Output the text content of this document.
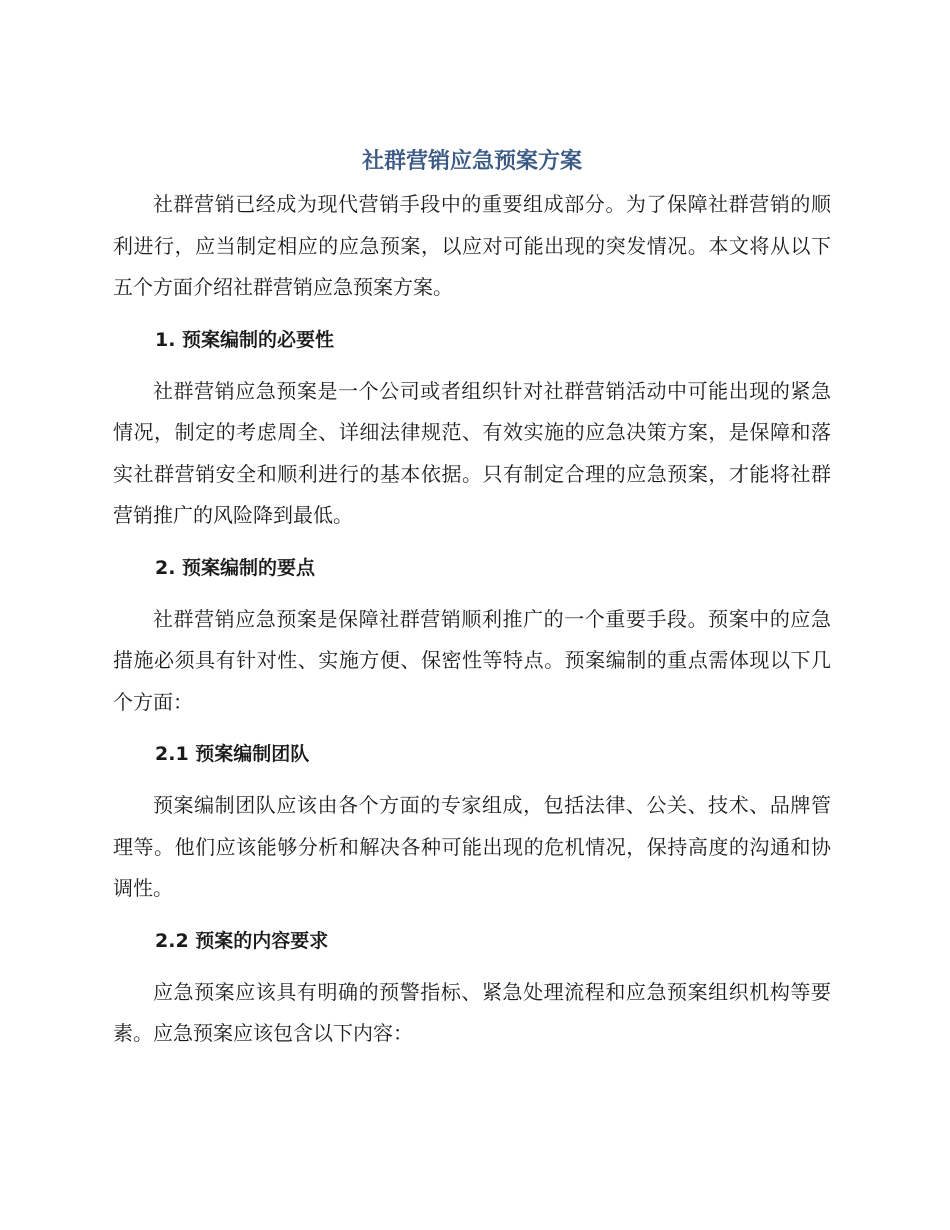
社群营销应急预案方案

社群营销已经成为现代营销手段中的重要组成部分。为了保障社群营销的顺利进行，应当制定相应的应急预案，以应对可能出现的突发情况。本文将从以下五个方面介绍社群营销应急预案方案。

1. 预案编制的必要性

社群营销应急预案是一个公司或者组织针对社群营销活动中可能出现的紧急情况，制定的考虑周全、详细法律规范、有效实施的应急决策方案，是保障和落实社群营销安全和顺利进行的基本依据。只有制定合理的应急预案，才能将社群营销推广的风险降到最低。

2. 预案编制的要点

社群营销应急预案是保障社群营销顺利推广的一个重要手段。预案中的应急措施必须具有针对性、实施方便、保密性等特点。预案编制的重点需体现以下几个方面：

2.1 预案编制团队

预案编制团队应该由各个方面的专家组成，包括法律、公关、技术、品牌管理等。他们应该能够分析和解决各种可能出现的危机情况，保持高度的沟通和协调性。

2.2 预案的内容要求

应急预案应该具有明确的预警指标、紧急处理流程和应急预案组织机构等要素。应急预案应该包含以下内容：
